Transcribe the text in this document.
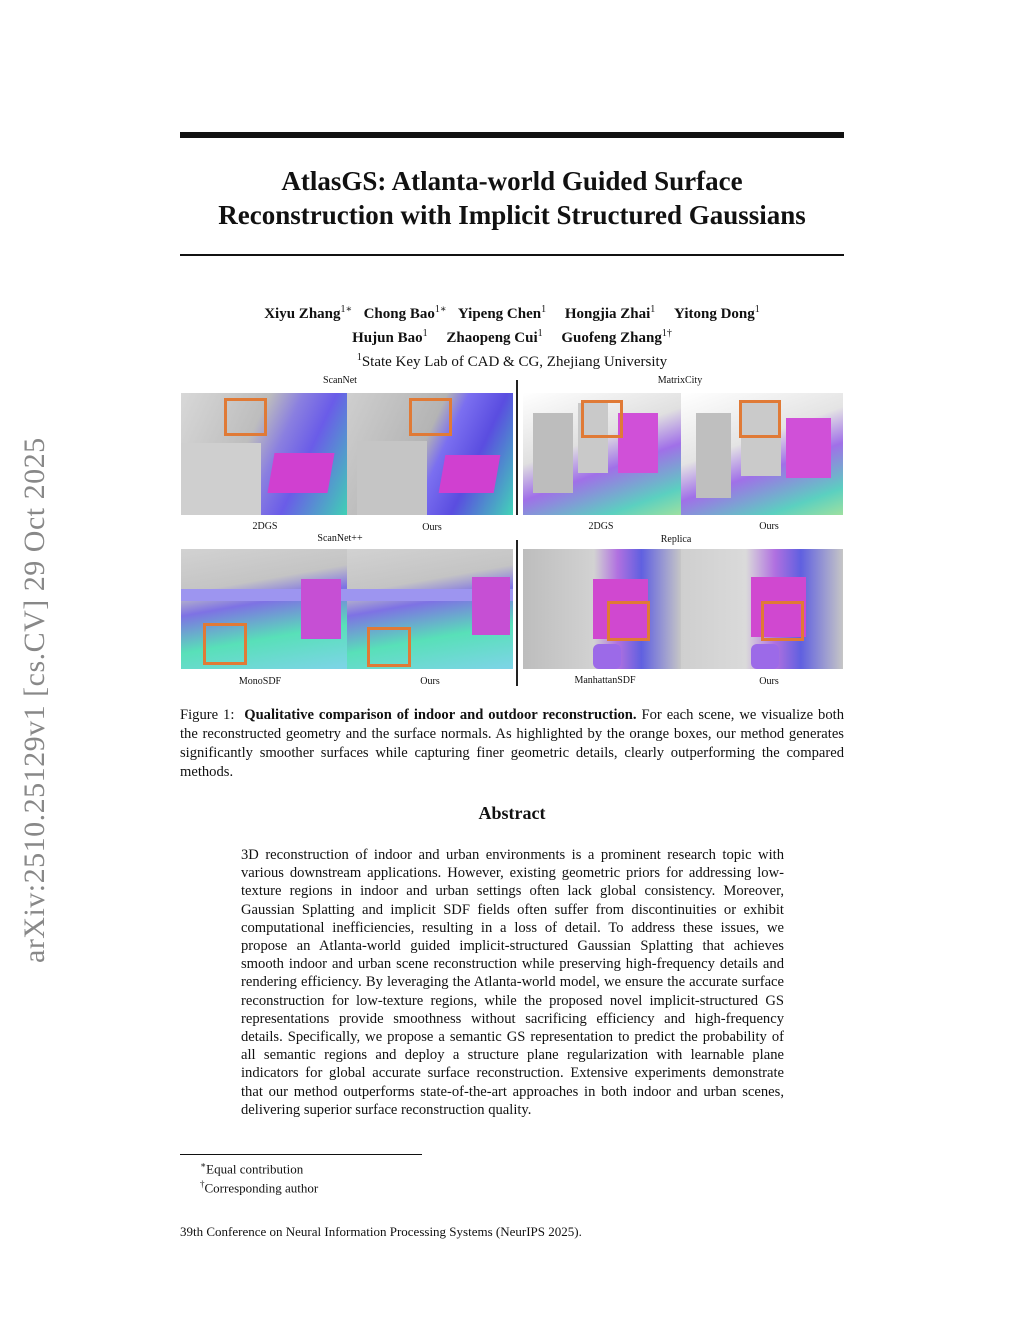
arXiv:2510.25129v1 [cs.CV] 29 Oct 2025
AtlasGS: Atlanta-world Guided Surface
Reconstruction with Implicit Structured Gaussians
Xiyu Zhang$^{1∗}$ Chong Bao$^{1∗}$ Yipeng Chen$^1$ Hongjia Zhai$^1$ Yitong Dong$^1$
Hujun Bao$^1$ Zhaopeng Cui$^1$ Guofeng Zhang$^{1\dagger}$
$^1$State Key Lab of CAD & CG, Zhejiang University
ScanNet	MatrixCity
ScanNet++	Replica
2DGS	Ours	2DGS	Ours
MonoSDF	Ours	ManhattanSDF	Ours
Figure 1: Qualitative comparison of indoor and outdoor reconstruction. For each scene, we visualize both the reconstructed geometry and the surface normals. As highlighted by the orange boxes, our method generates significantly smoother surfaces while capturing finer geometric details, clearly outperforming the compared methods.
Abstract
3D reconstruction of indoor and urban environments is a prominent research topic with various downstream applications. However, existing geometric priors for addressing low-texture regions in indoor and urban settings often lack global consistency. Moreover, Gaussian Splatting and implicit SDF fields often suffer from discontinuities or exhibit computational inefficiencies, resulting in a loss of detail. To address these issues, we propose an Atlanta-world guided implicit-structured Gaussian Splatting that achieves smooth indoor and urban scene reconstruction while preserving high-frequency details and rendering efficiency. By leveraging the Atlanta-world model, we ensure the accurate surface reconstruction for low-texture regions, while the proposed novel implicit-structured GS representations provide smoothness without sacrificing efficiency and high-frequency details. Specifically, we propose a semantic GS representation to predict the probability of all semantic regions and deploy a structure plane regularization with learnable plane indicators for global accurate surface reconstruction. Extensive experiments demonstrate that our method outperforms state-of-the-art approaches in both indoor and urban scenes, delivering superior surface reconstruction quality.
∗Equal contribution
†Corresponding author
39th Conference on Neural Information Processing Systems (NeurIPS 2025).
